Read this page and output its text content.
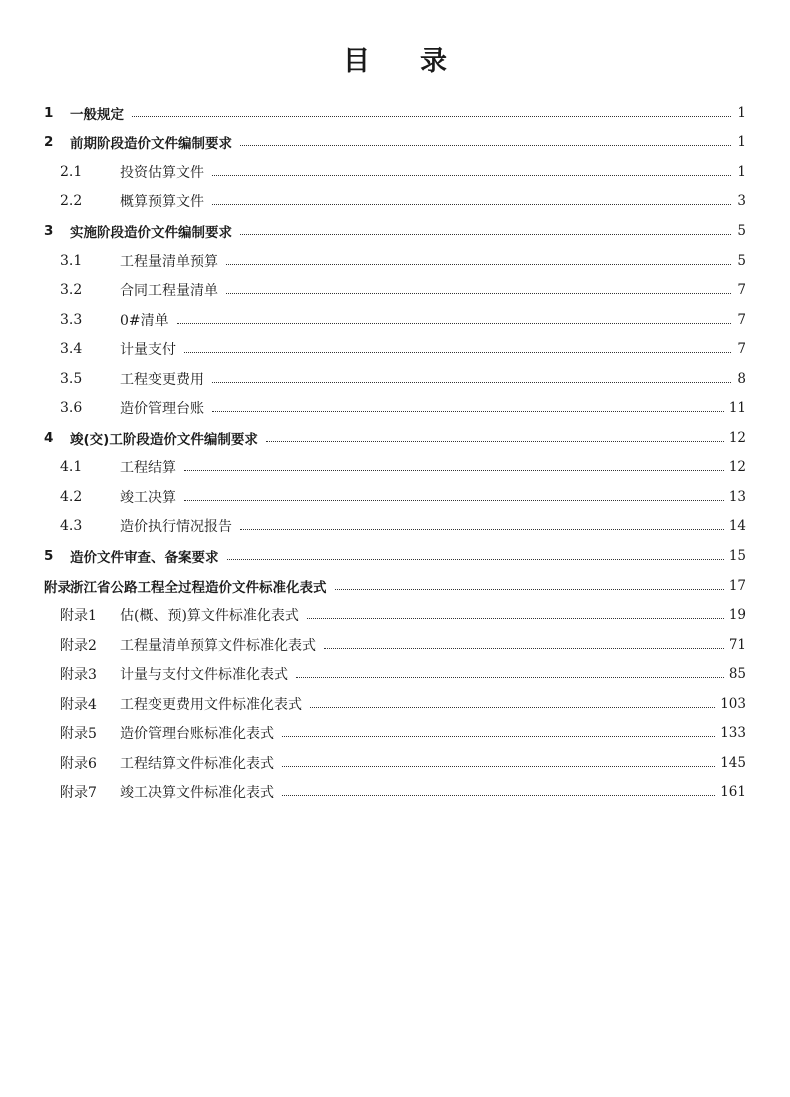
目 录
1	一般规定	1
2	前期阶段造价文件编制要求	1
2.1	投资估算文件	1
2.2	概算预算文件	3
3	实施阶段造价文件编制要求	5
3.1	工程量清单预算	5
3.2	合同工程量清单	7
3.3	0#清单	7
3.4	计量支付	7
3.5	工程变更费用	8
3.6	造价管理台账	11
4	竣(交)工阶段造价文件编制要求	12
4.1	工程结算	12
4.2	竣工决算	13
4.3	造价执行情况报告	14
5	造价文件审查、备案要求	15
附录 浙江省公路工程全过程造价文件标准化表式	17
附录1	估(概、预)算文件标准化表式	19
附录2	工程量清单预算文件标准化表式	71
附录3	计量与支付文件标准化表式	85
附录4	工程变更费用文件标准化表式	103
附录5	造价管理台账标准化表式	133
附录6	工程结算文件标准化表式	145
附录7	竣工决算文件标准化表式	161
